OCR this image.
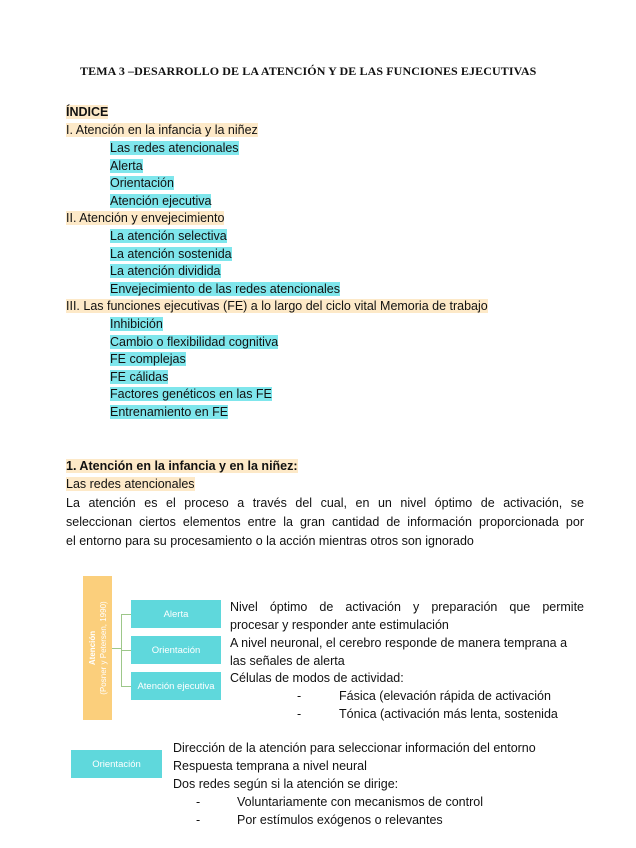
TEMA 3 –DESARROLLO DE LA ATENCIÓN Y DE LAS FUNCIONES EJECUTIVAS
ÍNDICE
I. Atención en la infancia y la niñez
Las redes atencionales
Alerta
Orientación
Atención ejecutiva
II. Atención y envejecimiento
La atención selectiva
La atención sostenida
La atención dividida
Envejecimiento de las redes atencionales
III. Las funciones ejecutivas (FE) a lo largo del ciclo vital Memoria de trabajo
Inhibición
Cambio o flexibilidad cognitiva
FE complejas
FE cálidas
Factores genéticos en las FE
Entrenamiento en FE
1. Atención en la infancia y en la niñez:
Las redes atencionales
La atención es el proceso a través del cual, en un nivel óptimo de activación, se
seleccionan ciertos elementos entre la gran cantidad de información proporcionada por
el entorno para su procesamiento o la acción mientras otros son ignorado
Atención (Posner y Petersen, 1990)	Alerta
Orientación
Atención ejecutiva
Nivel óptimo de activación y preparación que permite
procesar y responder ante estimulación
A nivel neuronal, el cerebro responde de manera temprana a
las señales de alerta
Células de modos de actividad:
-	Fásica (elevación rápida de activación
-	Tónica (activación más lenta, sostenida
Orientación
Dirección de la atención para seleccionar información del entorno
Respuesta temprana a nivel neural
Dos redes según si la atención se dirige:
-	Voluntariamente con mecanismos de control
-	Por estímulos exógenos o relevantes
